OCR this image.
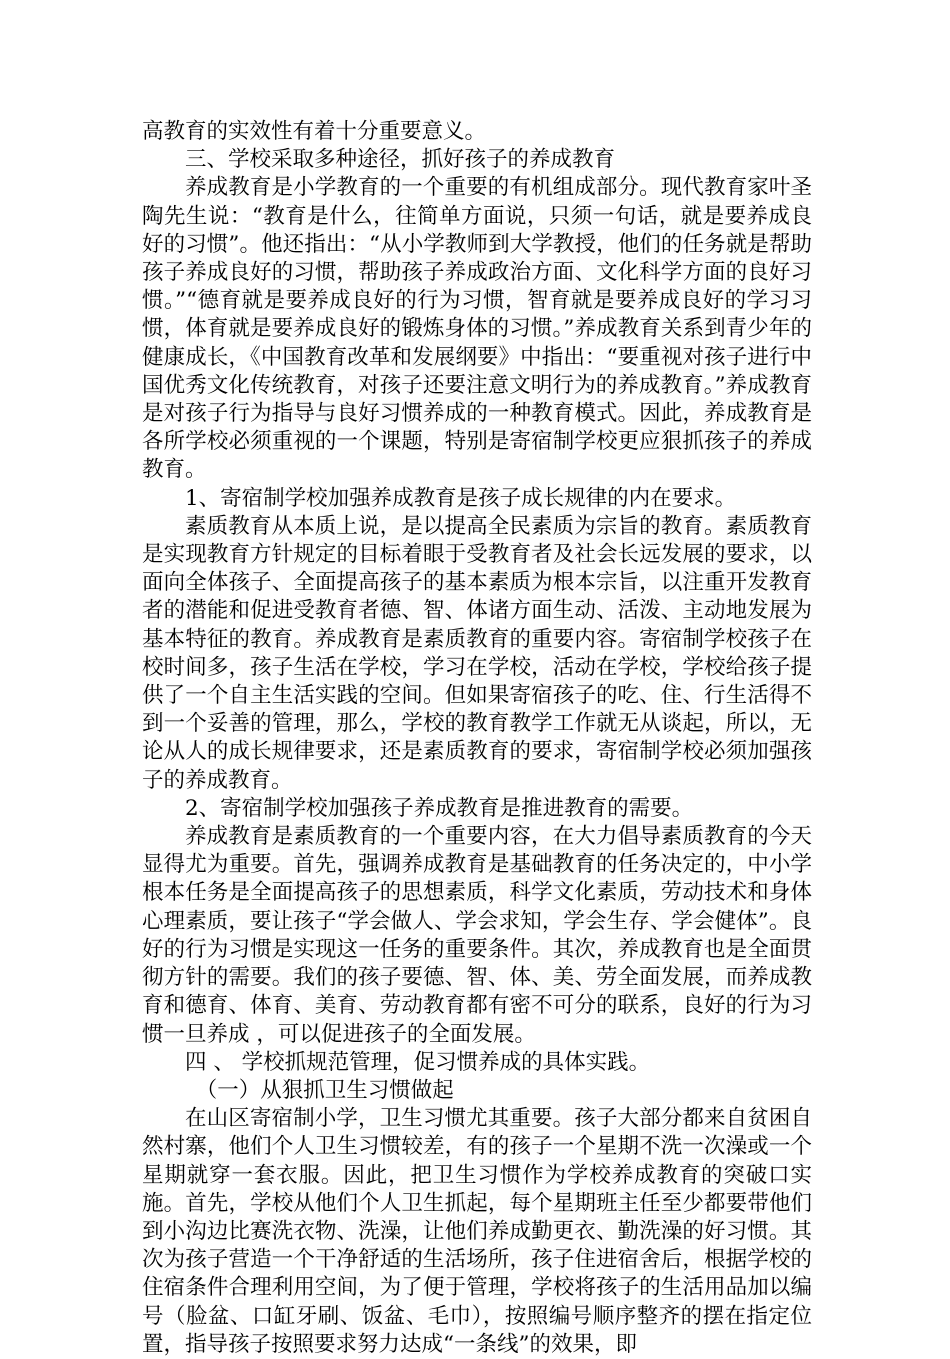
高教育的实效性有着十分重要意义。

三、学校采取多种途径，抓好孩子的养成教育

养成教育是小学教育的一个重要的有机组成部分。现代教育家叶圣陶先生说：“教育是什么，往简单方面说，只须一句话，就是要养成良好的习惯”。他还指出：“从小学教师到大学教授，他们的任务就是帮助孩子养成良好的习惯，帮助孩子养成政治方面、文化科学方面的良好习惯。”“德育就是要养成良好的行为习惯，智育就是要养成良好的学习习惯，体育就是要养成良好的锻炼身体的习惯。”养成教育关系到青少年的健康成长，《中国教育改革和发展纲要》中指出：“要重视对孩子进行中国优秀文化传统教育，对孩子还要注意文明行为的养成教育。”养成教育是对孩子行为指导与良好习惯养成的一种教育模式。因此，养成教育是各所学校必须重视的一个课题，特别是寄宿制学校更应狠抓孩子的养成教育。

1、寄宿制学校加强养成教育是孩子成长规律的内在要求。

素质教育从本质上说，是以提高全民素质为宗旨的教育。素质教育是实现教育方针规定的目标着眼于受教育者及社会长远发展的要求，以面向全体孩子、全面提高孩子的基本素质为根本宗旨，以注重开发教育者的潜能和促进受教育者德、智、体诸方面生动、活泼、主动地发展为基本特征的教育。养成教育是素质教育的重要内容。寄宿制学校孩子在校时间多，孩子生活在学校，学习在学校，活动在学校，学校给孩子提供了一个自主生活实践的空间。但如果寄宿孩子的吃、住、行生活得不到一个妥善的管理，那么，学校的教育教学工作就无从谈起，所以，无论从人的成长规律要求，还是素质教育的要求，寄宿制学校必须加强孩子的养成教育。

2、寄宿制学校加强孩子养成教育是推进教育的需要。

养成教育是素质教育的一个重要内容，在大力倡导素质教育的今天显得尤为重要。首先，强调养成教育是基础教育的任务决定的，中小学根本任务是全面提高孩子的思想素质，科学文化素质，劳动技术和身体心理素质，要让孩子“学会做人、学会求知，学会生存、学会健体”。良好的行为习惯是实现这一任务的重要条件。其次，养成教育也是全面贯彻方针的需要。我们的孩子要德、智、体、美、劳全面发展，而养成教育和德育、体育、美育、劳动教育都有密不可分的联系，良好的行为习惯一旦养成 ，可以促进孩子的全面发展。

四 、 学校抓规范管理，促习惯养成的具体实践。

（一）从狠抓卫生习惯做起

在山区寄宿制小学，卫生习惯尤其重要。孩子大部分都来自贫困自然村寨，他们个人卫生习惯较差，有的孩子一个星期不洗一次澡或一个星期就穿一套衣服。因此，把卫生习惯作为学校养成教育的突破口实施。首先，学校从他们个人卫生抓起，每个星期班主任至少都要带他们到小沟边比赛洗衣物、洗澡，让他们养成勤更衣、勤洗澡的好习惯。其次为孩子营造一个干净舒适的生活场所，孩子住进宿舍后，根据学校的住宿条件合理利用空间，为了便于管理，学校将孩子的生活用品加以编号（脸盆、口缸牙刷、饭盆、毛巾），按照编号顺序整齐的摆在指定位置，指导孩子按照要求努力达成“一条线”的效果，即
